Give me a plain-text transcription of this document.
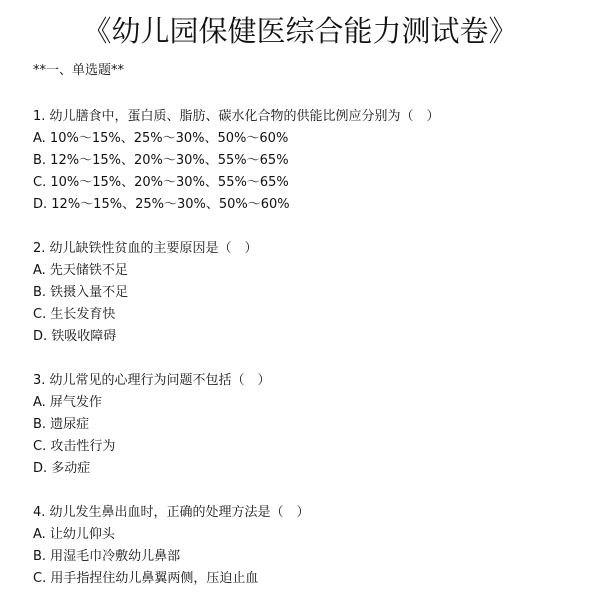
《幼儿园保健医综合能力测试卷》
**一、单选题**
1. 幼儿膳食中，蛋白质、脂肪、碳水化合物的供能比例应分别为（　）
A. 10%～15%、25%～30%、50%～60%
B. 12%～15%、20%～30%、55%～65%
C. 10%～15%、20%～30%、55%～65%
D. 12%～15%、25%～30%、50%～60%
2. 幼儿缺铁性贫血的主要原因是（　）
A. 先天储铁不足
B. 铁摄入量不足
C. 生长发育快
D. 铁吸收障碍
3. 幼儿常见的心理行为问题不包括（　）
A. 屏气发作
B. 遗尿症
C. 攻击性行为
D. 多动症
4. 幼儿发生鼻出血时，正确的处理方法是（　）
A. 让幼儿仰头
B. 用湿毛巾冷敷幼儿鼻部
C. 用手指捏住幼儿鼻翼两侧，压迫止血
